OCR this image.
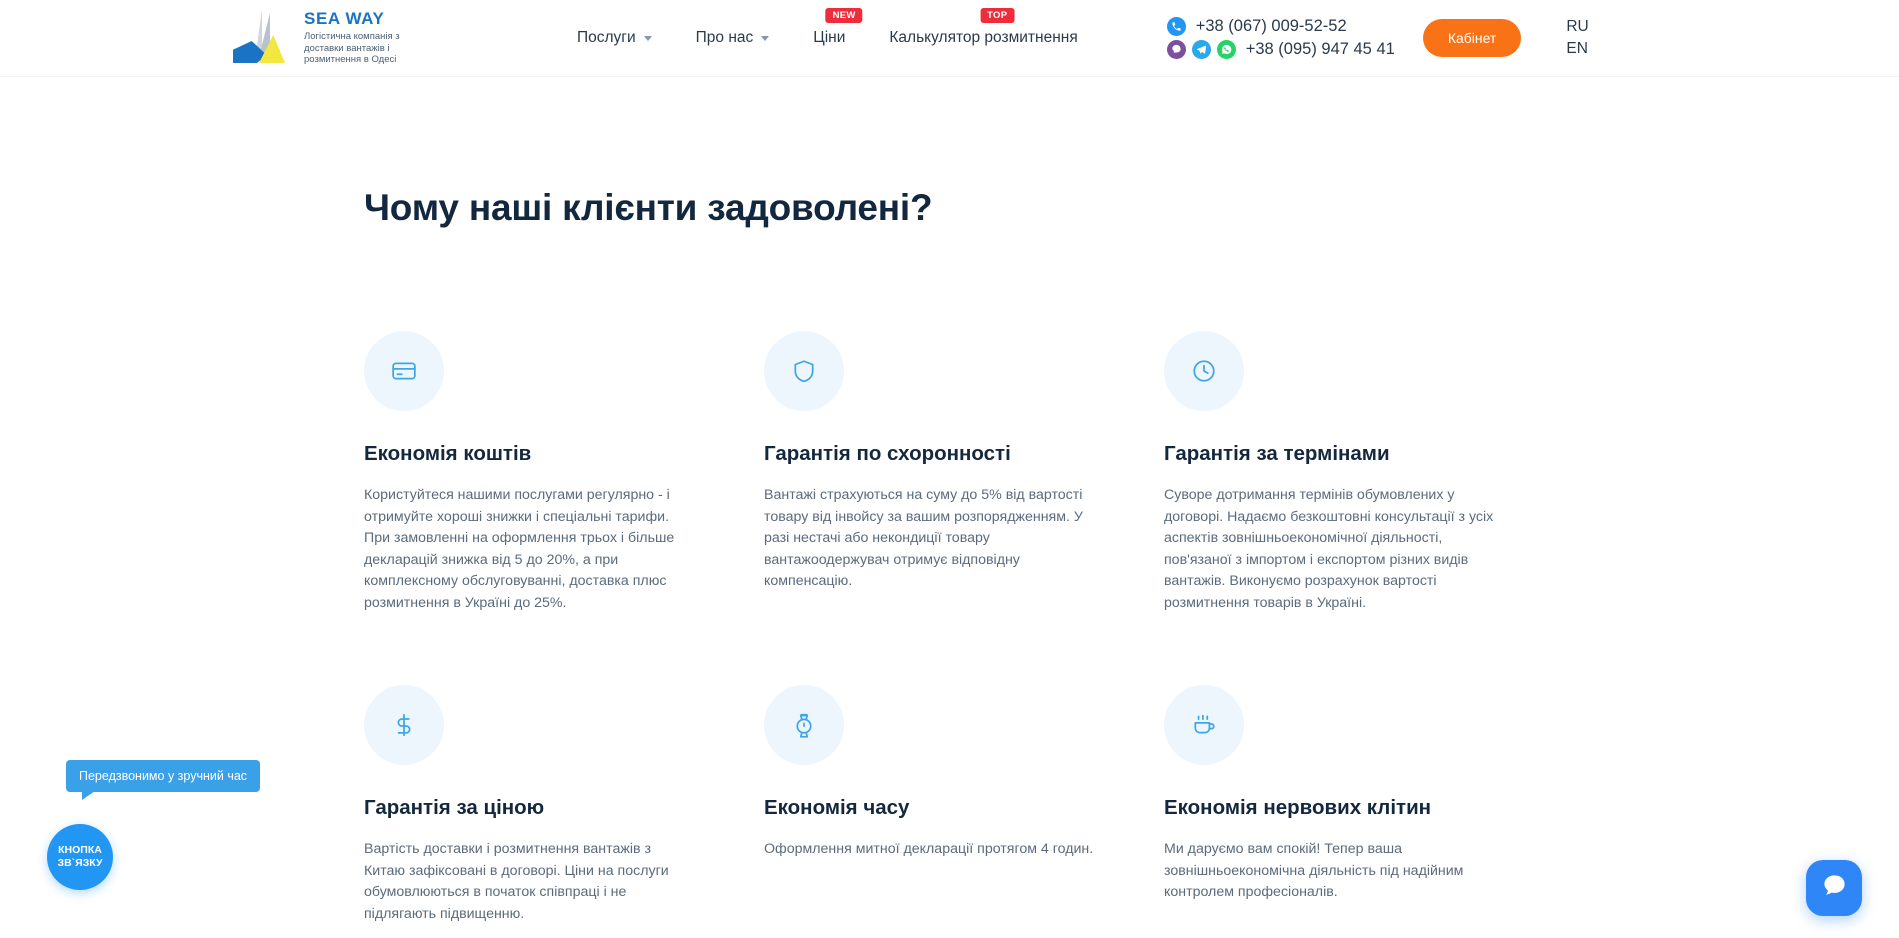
SEA WAY
Логістична компанія з доставки вантажів і розмитнення в Одесі
Послуги	Про нас
NEW
Ціни
TOP
Калькулятор розмитнення
+38 (067) 009-52-52
+38 (095) 947 45 41
Кабінет
RU
EN
Чому наші клієнти задоволені?
Економія коштів
Користуйтеся нашими послугами регулярно - і отримуйте хороші знижки і спеціальні тарифи. При замовленні на оформлення трьох і більше декларацій знижка від 5 до 20%, а при комплексному обслуговуванні, доставка плюс розмитнення в Україні до 25%.
Гарантія по схоронності
Вантажі страхуються на суму до 5% від вартості товару від інвойсу за вашим розпорядженням. У разі нестачі або некондиції товару вантажоодержувач отримує відповідну компенсацію.
Гарантія за термінами
Суворе дотримання термінів обумовлених у договорі. Надаємо безкоштовні консультації з усіх аспектів зовнішньоекономічної діяльності, пов'язаної з імпортом і експортом різних видів вантажів. Виконуємо розрахунок вартості розмитнення товарів в Україні.
Гарантія за ціною
Вартість доставки і розмитнення вантажів з Китаю зафіксовані в договорі. Ціни на послуги обумовлюються в початок співпраці і не підлягають підвищенню.
Економія часу
Оформлення митної декларації протягом 4 годин.
Економія нервових клітин
Ми даруємо вам спокій! Тепер ваша зовнішньоекономічна діяльність під надійним контролем професіоналів.
Передзвонимо у зручний час
КНОПКА ЗВ`ЯЗКУ
